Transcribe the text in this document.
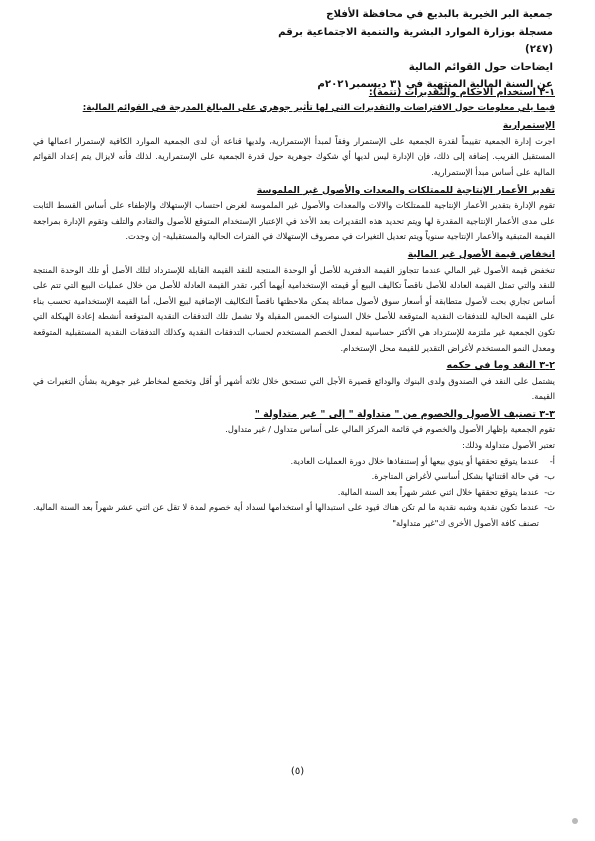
جمعية البر الخيرية بالبديع في محافظة الأفلاج
مسجلة بوزارة الموارد البشرية والتنمية الاجتماعية برقم (٢٤٧)
ايضاحات حول القوائم المالية
عن السنة المالية المنتهية في ٣١ ديسمبر٢٠٢١م
١-٣ استخدام الاحكام والتقديرات (تتمة):
فيما يلي معلومات حول الافتراضات والتقديرات التي لها تأثير جوهري على المبالغ المدرجة في القوائم المالية:
الإستمرارية

اجرت إدارة الجمعية تقييماً لقدرة الجمعية على الإستمرار وفقاً لمبدأ الإستمرارية، ولديها قناعة أن لدى الجمعية الموارد الكافية لإستمرار اعمالها في المستقبل القريب. إضافة إلى ذلك، فإن الإدارة ليس لديها أي شكوك جوهرية حول قدرة الجمعية على الإستمرارية. لذلك فأنه لايزال يتم إعداد القوائم المالية على أساس مبدأ الإستمرارية.

تقدير الأعمار الإنتاجية للممتلكات والمعدات والأصول غير الملموسة

تقوم الإدارة بتقدير الأعمار الإنتاجية للممتلكات والالات والمعدات والأصول غير الملموسة لغرض احتساب الإستهلاك والإطفاء على أساس القسط الثابت على مدى الأعمار الإنتاجية المقدرة لها ويتم تحديد هذه التقديرات بعد الأخذ في الإعتبار الإستخدام المتوقع للأصول والتقادم والتلف وتقوم الإدارة بمراجعة القيمة المتبقية والأعمار الإنتاجية سنوياً ويتم تعديل التغيرات في مصروف الإستهلاك في الفترات الحالية والمستقبلية- إن وجدت.

انخفاض قيمة الأصول غير المالية

تنخفض قيمة الأصول غير المالي عندما تتجاوز القيمة الدفترية للأصل أو الوحدة المنتجة للنقد القيمة القابلة للإسترداد لتلك الأصل أو تلك الوحدة المنتجة للنقد والتي تمثل القيمة العادلة للأصل ناقصاً تكاليف البيع أو قيمته الإستخدامية أيهما أكبر، تقدر القيمة العادلة للأصل من خلال عمليات البيع التي تتم على أساس تجاري بحت لأصول متطابقة أو أسعار سوق لأصول مماثلة يمكن ملاحظتها ناقصاً التكاليف الإضافية لبيع الأصل، أما القيمة الإستخدامية تحسب بناء على القيمة الحالية للتدفقات النقدية المتوقعة للأصل خلال السنوات الخمس المقبلة ولا تشمل تلك التدفقات النقدية المتوقعة أنشطة إعادة الهيكلة التي تكون الجمعية غير ملتزمة للإسترداد هي الأكثر حساسية لمعدل الخصم المستخدم لحساب التدفقات النقدية وكذلك التدفقات النقدية المستقبلية المتوقعة ومعدل النمو المستخدم لأغراض التقدير للقيمة محل الإستخدام.

٢-٣ النقد وما في حكمه

يشتمل على النقد في الصندوق ولدى البنوك والودائع قصيرة الأجل التي تستحق خلال ثلاثة أشهر أو أقل وتخضع لمخاطر غير جوهرية بشأن التغيرات في القيمة.

٣-٣ تصنيف الأصول والخصوم من " متداولة " إلى " غير متداولة "

تقوم الجمعية بإظهار الأصول والخصوم في قائمة المركز المالي على أساس متداول / غير متداول.

تعتبر الأصول متداولة وذلك:

أ-
عندما يتوقع تحققها أو ينوي بيعها أو إستنفاذها خلال دورة العمليات العادية.
ب-
في حالة اقتنائها بشكل أساسي لأغراض المتاجرة.
ت-
عندما يتوقع تحققها خلال اثني عشر شهراً بعد السنة المالية.
ث-
عندما تكون نقدية وشبه نقدية ما لم تكن هناك قيود على استبدالها أو استخدامها لسداد أية خصوم لمدة لا تقل عن اثني عشر شهراً بعد السنة المالية. تصنف كافة الأصول الأخرى ك"غير متداولة"
(٥)
